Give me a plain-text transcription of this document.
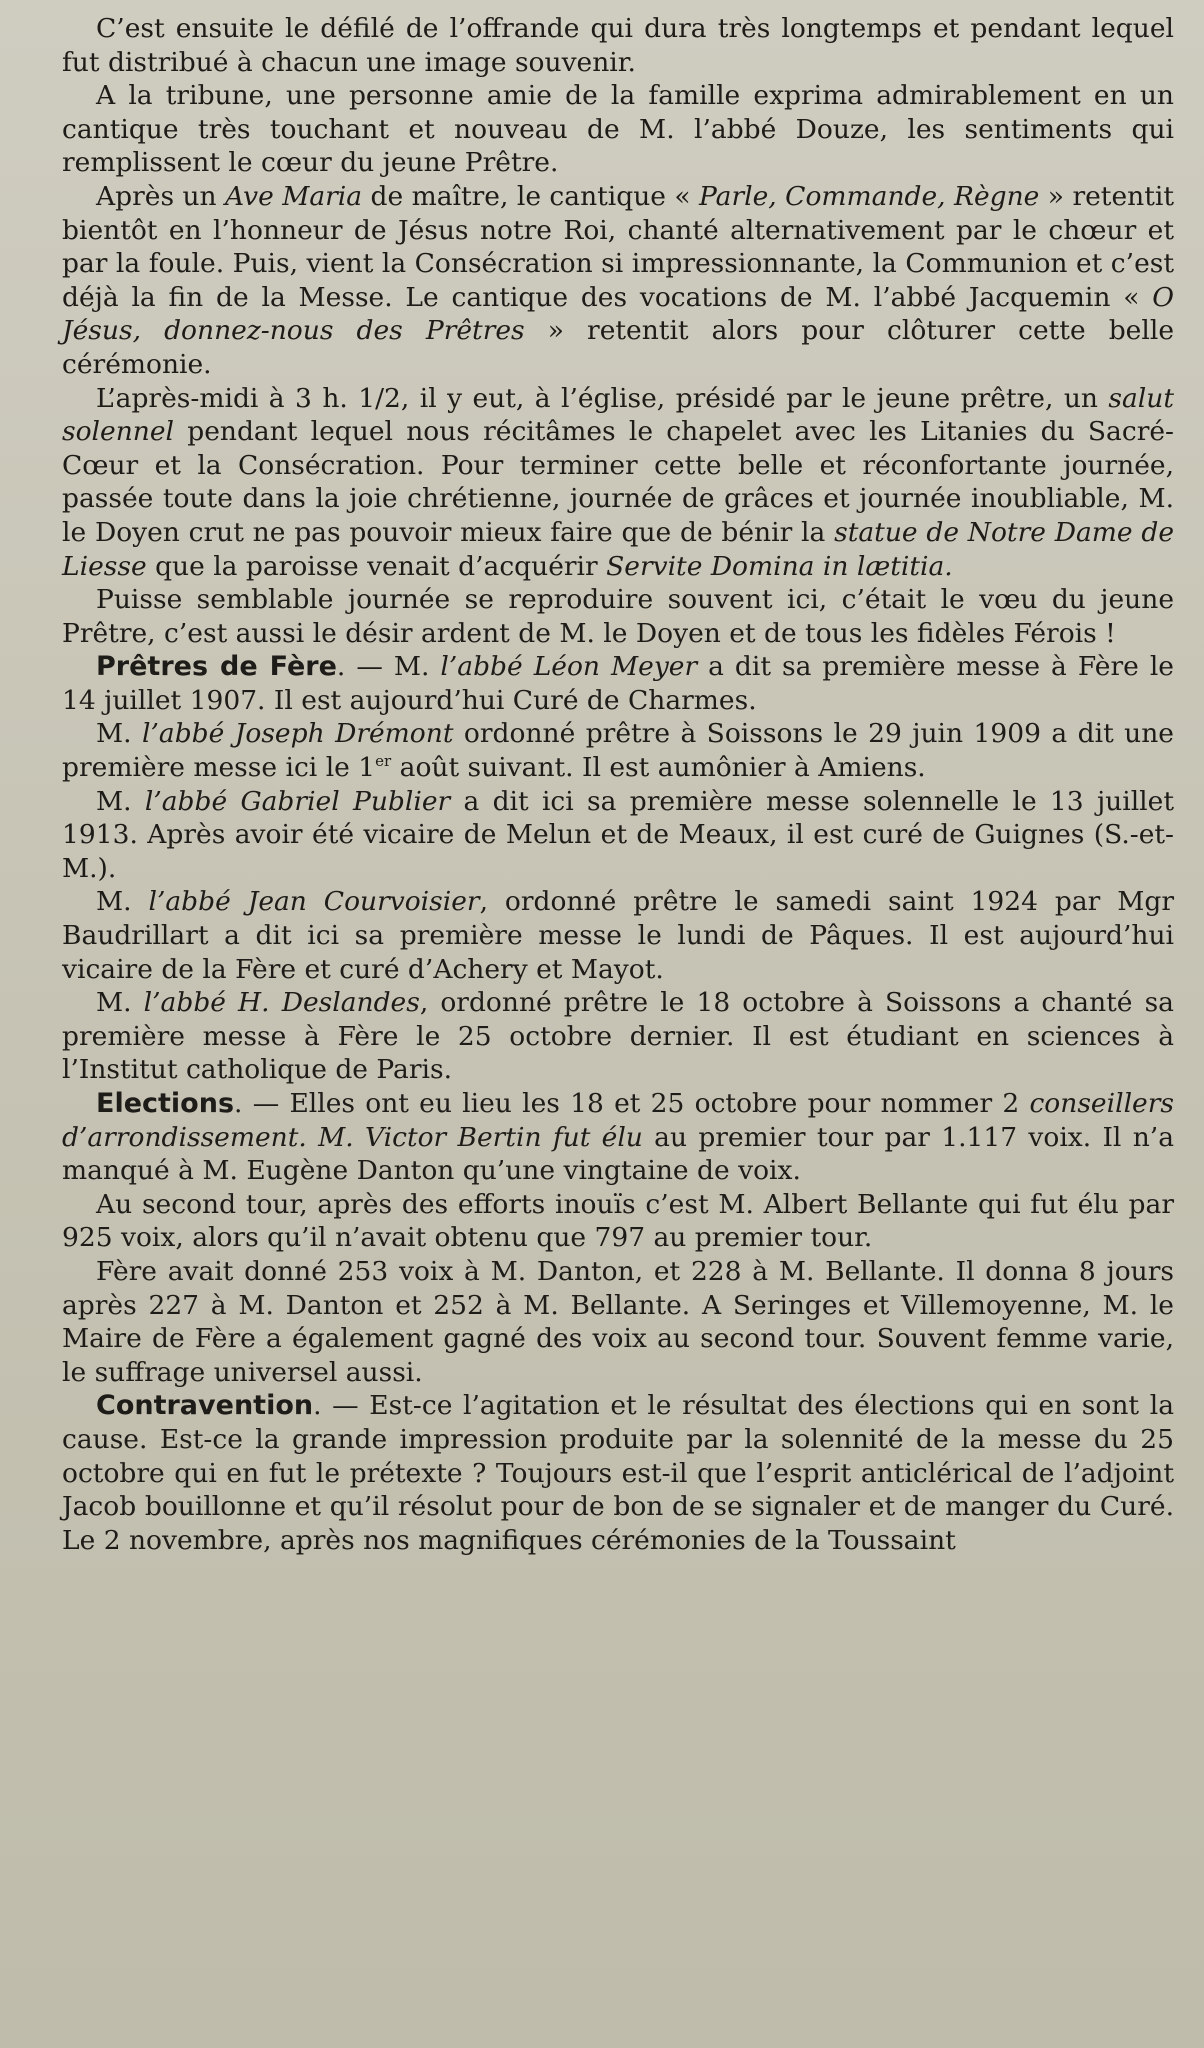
C’est ensuite le défilé de l’offrande qui dura très longtemps et pendant lequel fut distribué à chacun une image souvenir.

A la tribune, une personne amie de la famille exprima admirablement en un cantique très touchant et nouveau de M. l’abbé Douze, les sentiments qui remplissent le cœur du jeune Prêtre.

Après un Ave Maria de maître, le cantique « Parle, Commande, Règne » retentit bientôt en l’honneur de Jésus notre Roi, chanté alternativement par le chœur et par la foule. Puis, vient la Consécration si impressionnante, la Communion et c’est déjà la fin de la Messe. Le cantique des vocations de M. l’abbé Jacquemin « O Jésus, donnez-nous des Prêtres » retentit alors pour clôturer cette belle cérémonie.

L’après-midi à 3 h. 1/2, il y eut, à l’église, présidé par le jeune prêtre, un salut solennel pendant lequel nous récitâmes le chapelet avec les Litanies du Sacré-Cœur et la Consécration. Pour terminer cette belle et réconfortante journée, passée toute dans la joie chrétienne, journée de grâces et journée inoubliable, M. le Doyen crut ne pas pouvoir mieux faire que de bénir la statue de Notre Dame de Liesse que la paroisse venait d’acquérir Servite Domina in lætitia.

Puisse semblable journée se reproduire souvent ici, c’était le vœu du jeune Prêtre, c’est aussi le désir ardent de M. le Doyen et de tous les fidèles Férois !

Prêtres de Fère. — M. l’abbé Léon Meyer a dit sa première messe à Fère le 14 juillet 1907. Il est aujourd’hui Curé de Charmes.

M. l’abbé Joseph Drémont ordonné prêtre à Soissons le 29 juin 1909 a dit une première messe ici le 1er août suivant. Il est aumônier à Amiens.

M. l’abbé Gabriel Publier a dit ici sa première messe solennelle le 13 juillet 1913. Après avoir été vicaire de Melun et de Meaux, il est curé de Guignes (S.-et-M.).

M. l’abbé Jean Courvoisier, ordonné prêtre le samedi saint 1924 par Mgr Baudrillart a dit ici sa première messe le lundi de Pâques. Il est aujourd’hui vicaire de la Fère et curé d’Achery et Mayot.

M. l’abbé H. Deslandes, ordonné prêtre le 18 octobre à Soissons a chanté sa première messe à Fère le 25 octobre dernier. Il est étudiant en sciences à l’Institut catholique de Paris.

Elections. — Elles ont eu lieu les 18 et 25 octobre pour nommer 2 conseillers d’arrondissement. M. Victor Bertin fut élu au premier tour par 1.117 voix. Il n’a manqué à M. Eugène Danton qu’une vingtaine de voix.

Au second tour, après des efforts inouïs c’est M. Albert Bellante qui fut élu par 925 voix, alors qu’il n’avait obtenu que 797 au premier tour.

Fère avait donné 253 voix à M. Danton, et 228 à M. Bellante. Il donna 8 jours après 227 à M. Danton et 252 à M. Bellante. A Seringes et Villemoyenne, M. le Maire de Fère a également gagné des voix au second tour. Souvent femme varie, le suffrage universel aussi.

Contravention. — Est-ce l’agitation et le résultat des élections qui en sont la cause. Est-ce la grande impression produite par la solennité de la messe du 25 octobre qui en fut le prétexte ? Toujours est-il que l’esprit anticlérical de l’adjoint Jacob bouillonne et qu’il résolut pour de bon de se signaler et de manger du Curé. Le 2 novembre, après nos magnifiques cérémonies de la Toussaint
